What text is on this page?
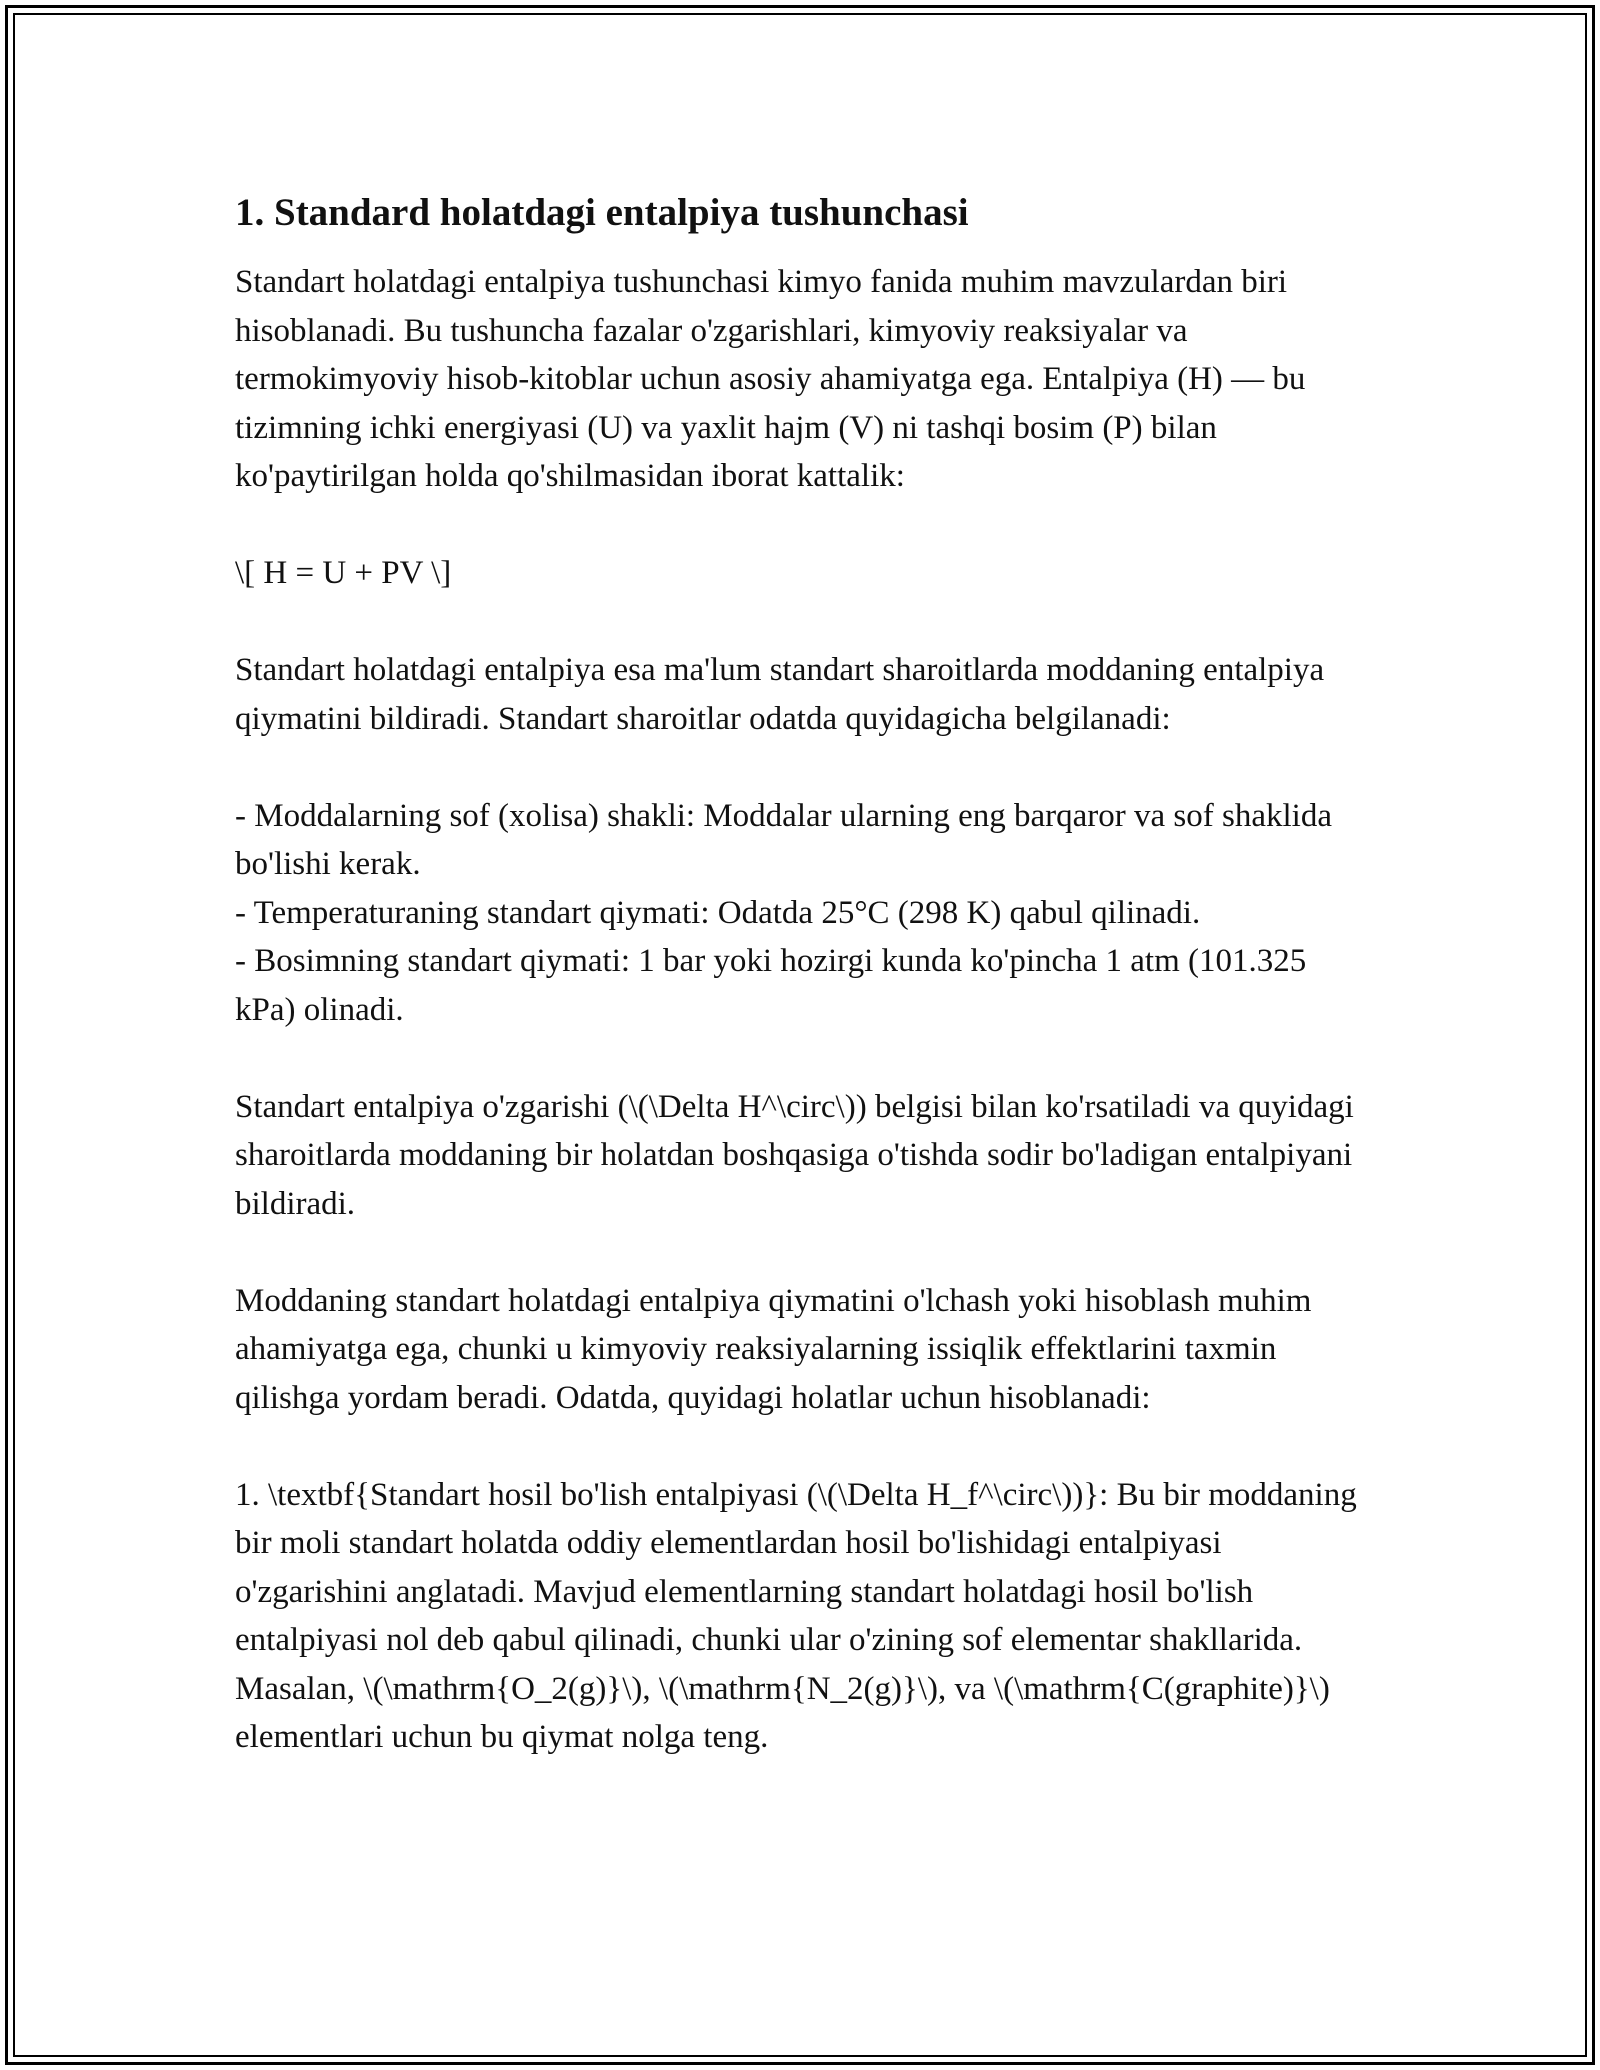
1. Standard holatdagi entalpiya tushunchasi

Standart holatdagi entalpiya tushunchasi kimyo fanida muhim mavzulardan biri hisoblanadi. Bu tushuncha fazalar o'zgarishlari, kimyoviy reaksiyalar va termokimyoviy hisob-kitoblar uchun asosiy ahamiyatga ega. Entalpiya (H) — bu tizimning ichki energiyasi (U) va yaxlit hajm (V) ni tashqi bosim (P) bilan ko'paytirilgan holda qo'shilmasidan iborat kattalik:

\[ H = U + PV \]

Standart holatdagi entalpiya esa ma'lum standart sharoitlarda moddaning entalpiya qiymatini bildiradi. Standart sharoitlar odatda quyidagicha belgilanadi:

- Moddalarning sof (xolisa) shakli: Moddalar ularning eng barqaror va sof shaklida bo'lishi kerak.

- Temperaturaning standart qiymati: Odatda 25°C (298 K) qabul qilinadi.

- Bosimning standart qiymati: 1 bar yoki hozirgi kunda ko'pincha 1 atm (101.325 kPa) olinadi.

Standart entalpiya o'zgarishi (\(\Delta H^\circ\)) belgisi bilan ko'rsatiladi va quyidagi sharoitlarda moddaning bir holatdan boshqasiga o'tishda sodir bo'ladigan entalpiyani bildiradi.

Moddaning standart holatdagi entalpiya qiymatini o'lchash yoki hisoblash muhim ahamiyatga ega, chunki u kimyoviy reaksiyalarning issiqlik effektlarini taxmin qilishga yordam beradi. Odatda, quyidagi holatlar uchun hisoblanadi:

1. \textbf{Standart hosil bo'lish entalpiyasi (\(\Delta H_f^\circ\))}: Bu bir moddaning bir moli standart holatda oddiy elementlardan hosil bo'lishidagi entalpiyasi o'zgarishini anglatadi. Mavjud elementlarning standart holatdagi hosil bo'lish entalpiyasi nol deb qabul qilinadi, chunki ular o'zining sof elementar shakllarida. Masalan, \(\mathrm{O_2(g)}\), \(\mathrm{N_2(g)}\), va \(\mathrm{C(graphite)}\) elementlari uchun bu qiymat nolga teng.
